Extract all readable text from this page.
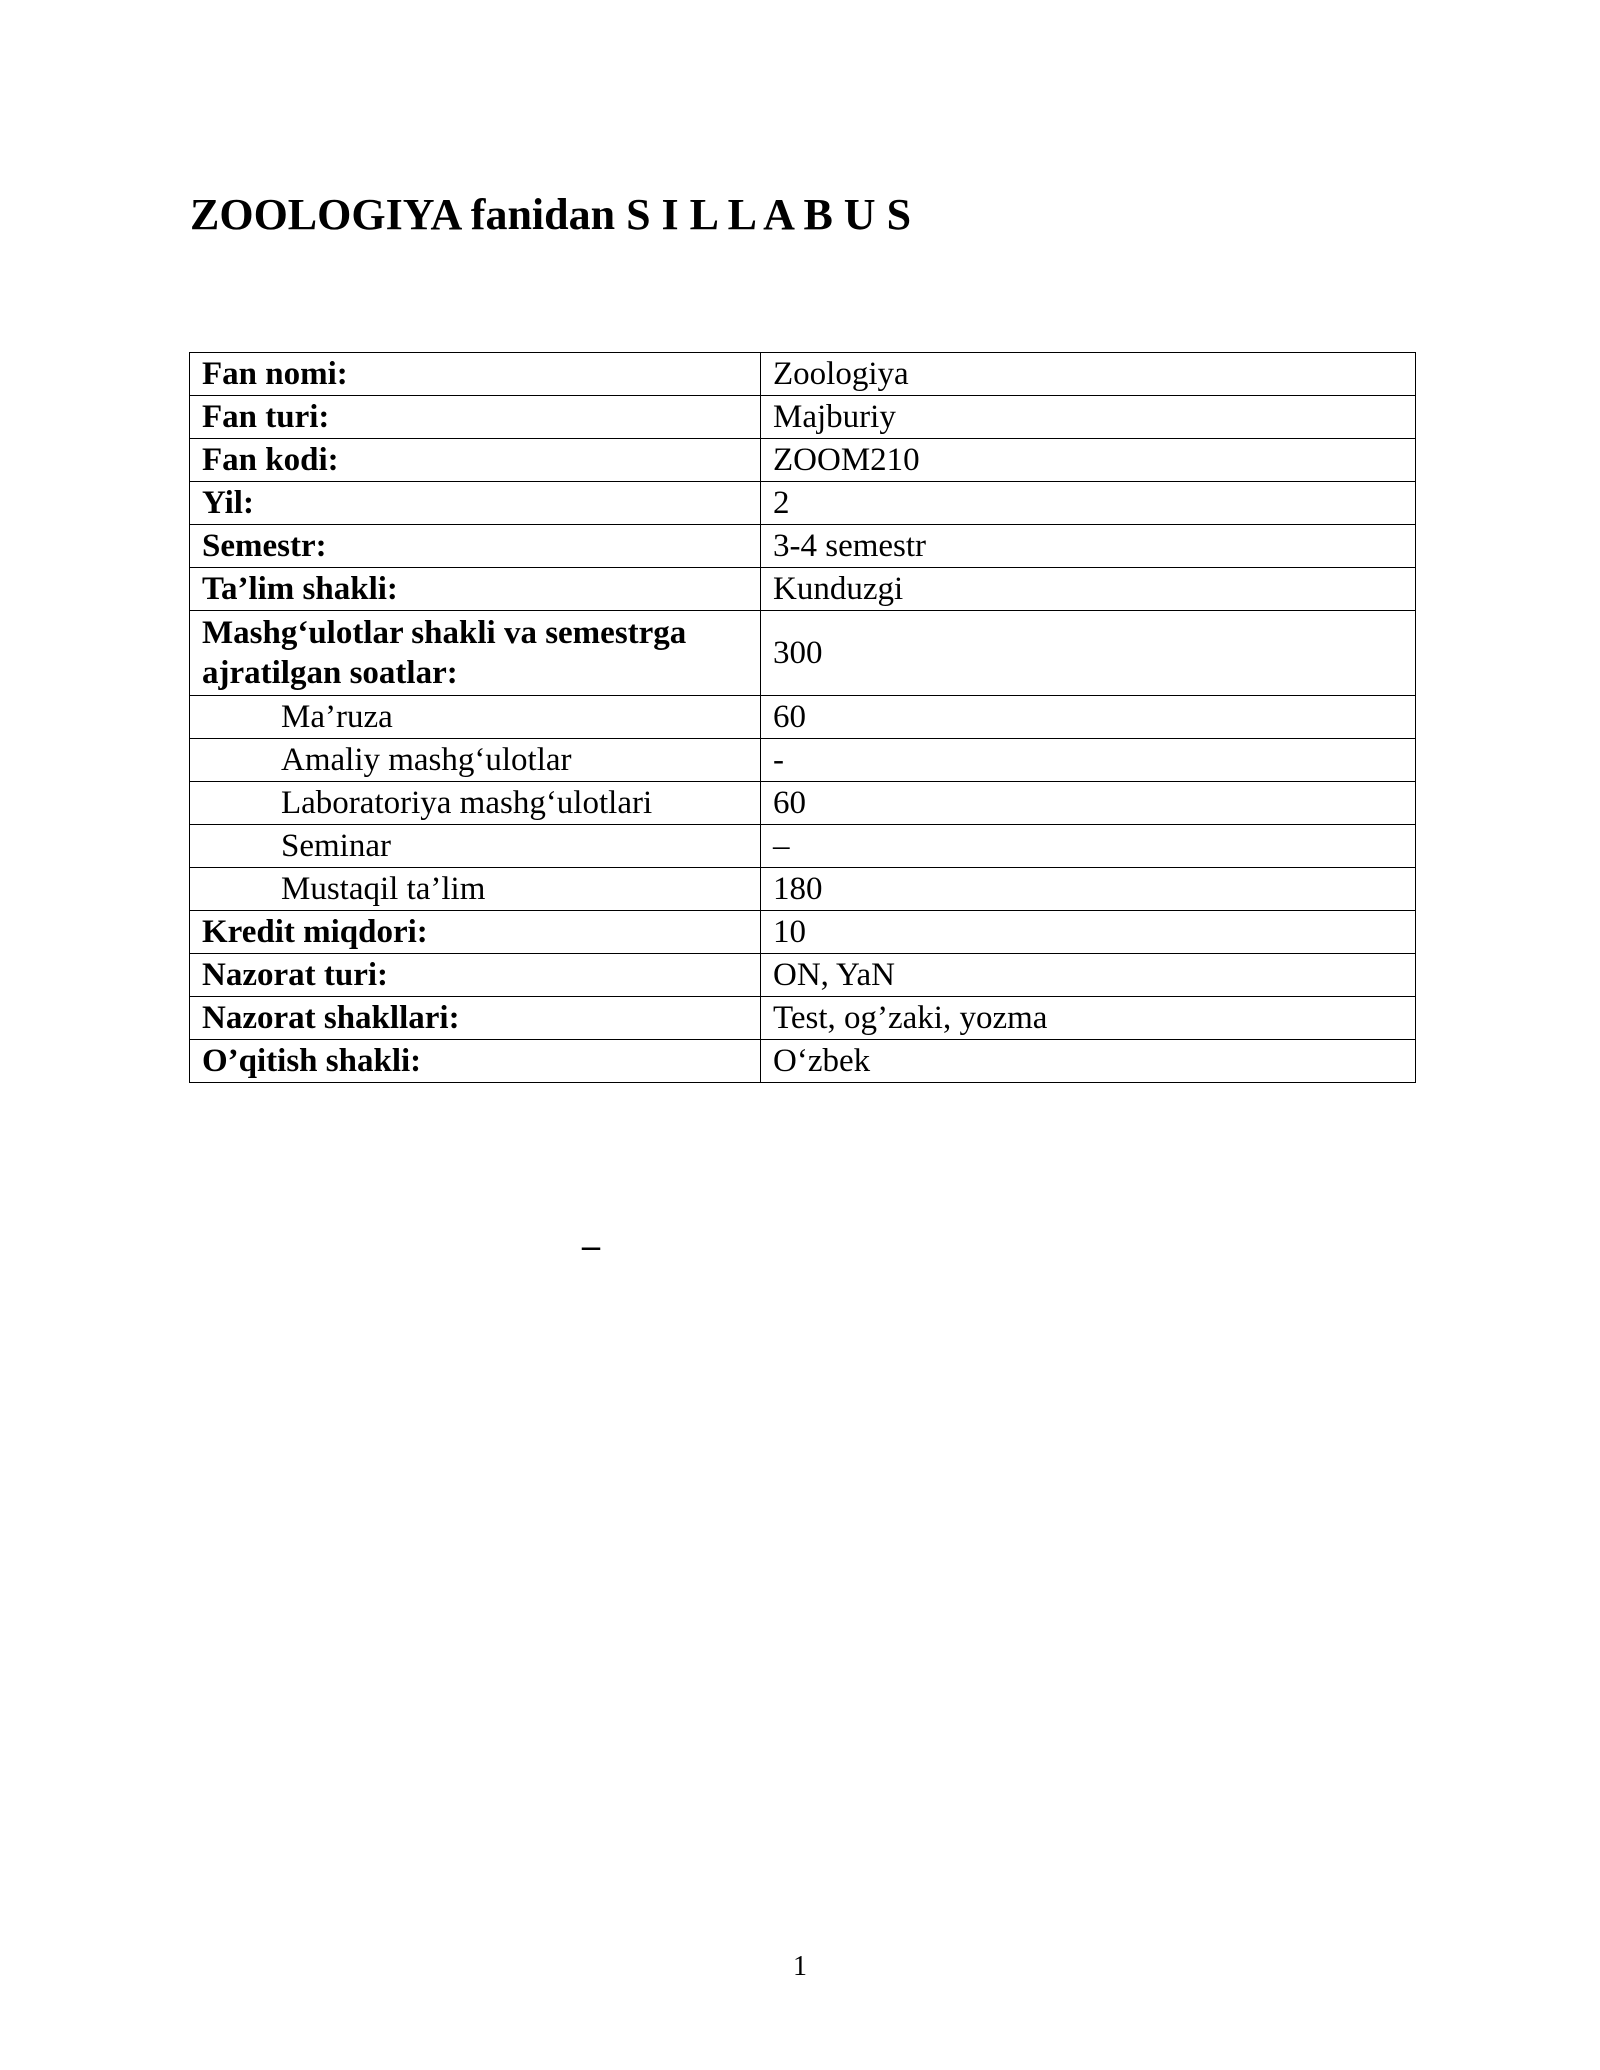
ZOOLOGIYA fanidan S I L L A B U S
Fan nomi:	Zoologiya
Fan turi:	Majburiy
Fan kodi:	ZOOM210
Yil:	2
Semestr:	3-4 semestr
Ta’lim shakli:	Kunduzgi
Mashg‘ulotlar shakli va semestrga ajratilgan soatlar:	300
Ma’ruza	60
Amaliy mashg‘ulotlar	-
Laboratoriya mashg‘ulotlari	60
Seminar	–
Mustaqil ta’lim	180
Kredit miqdori:	10
Nazorat turi:	ON, YaN
Nazorat shakllari:	Test, og’zaki, yozma
O’qitish shakli:	O‘zbek
–
1
